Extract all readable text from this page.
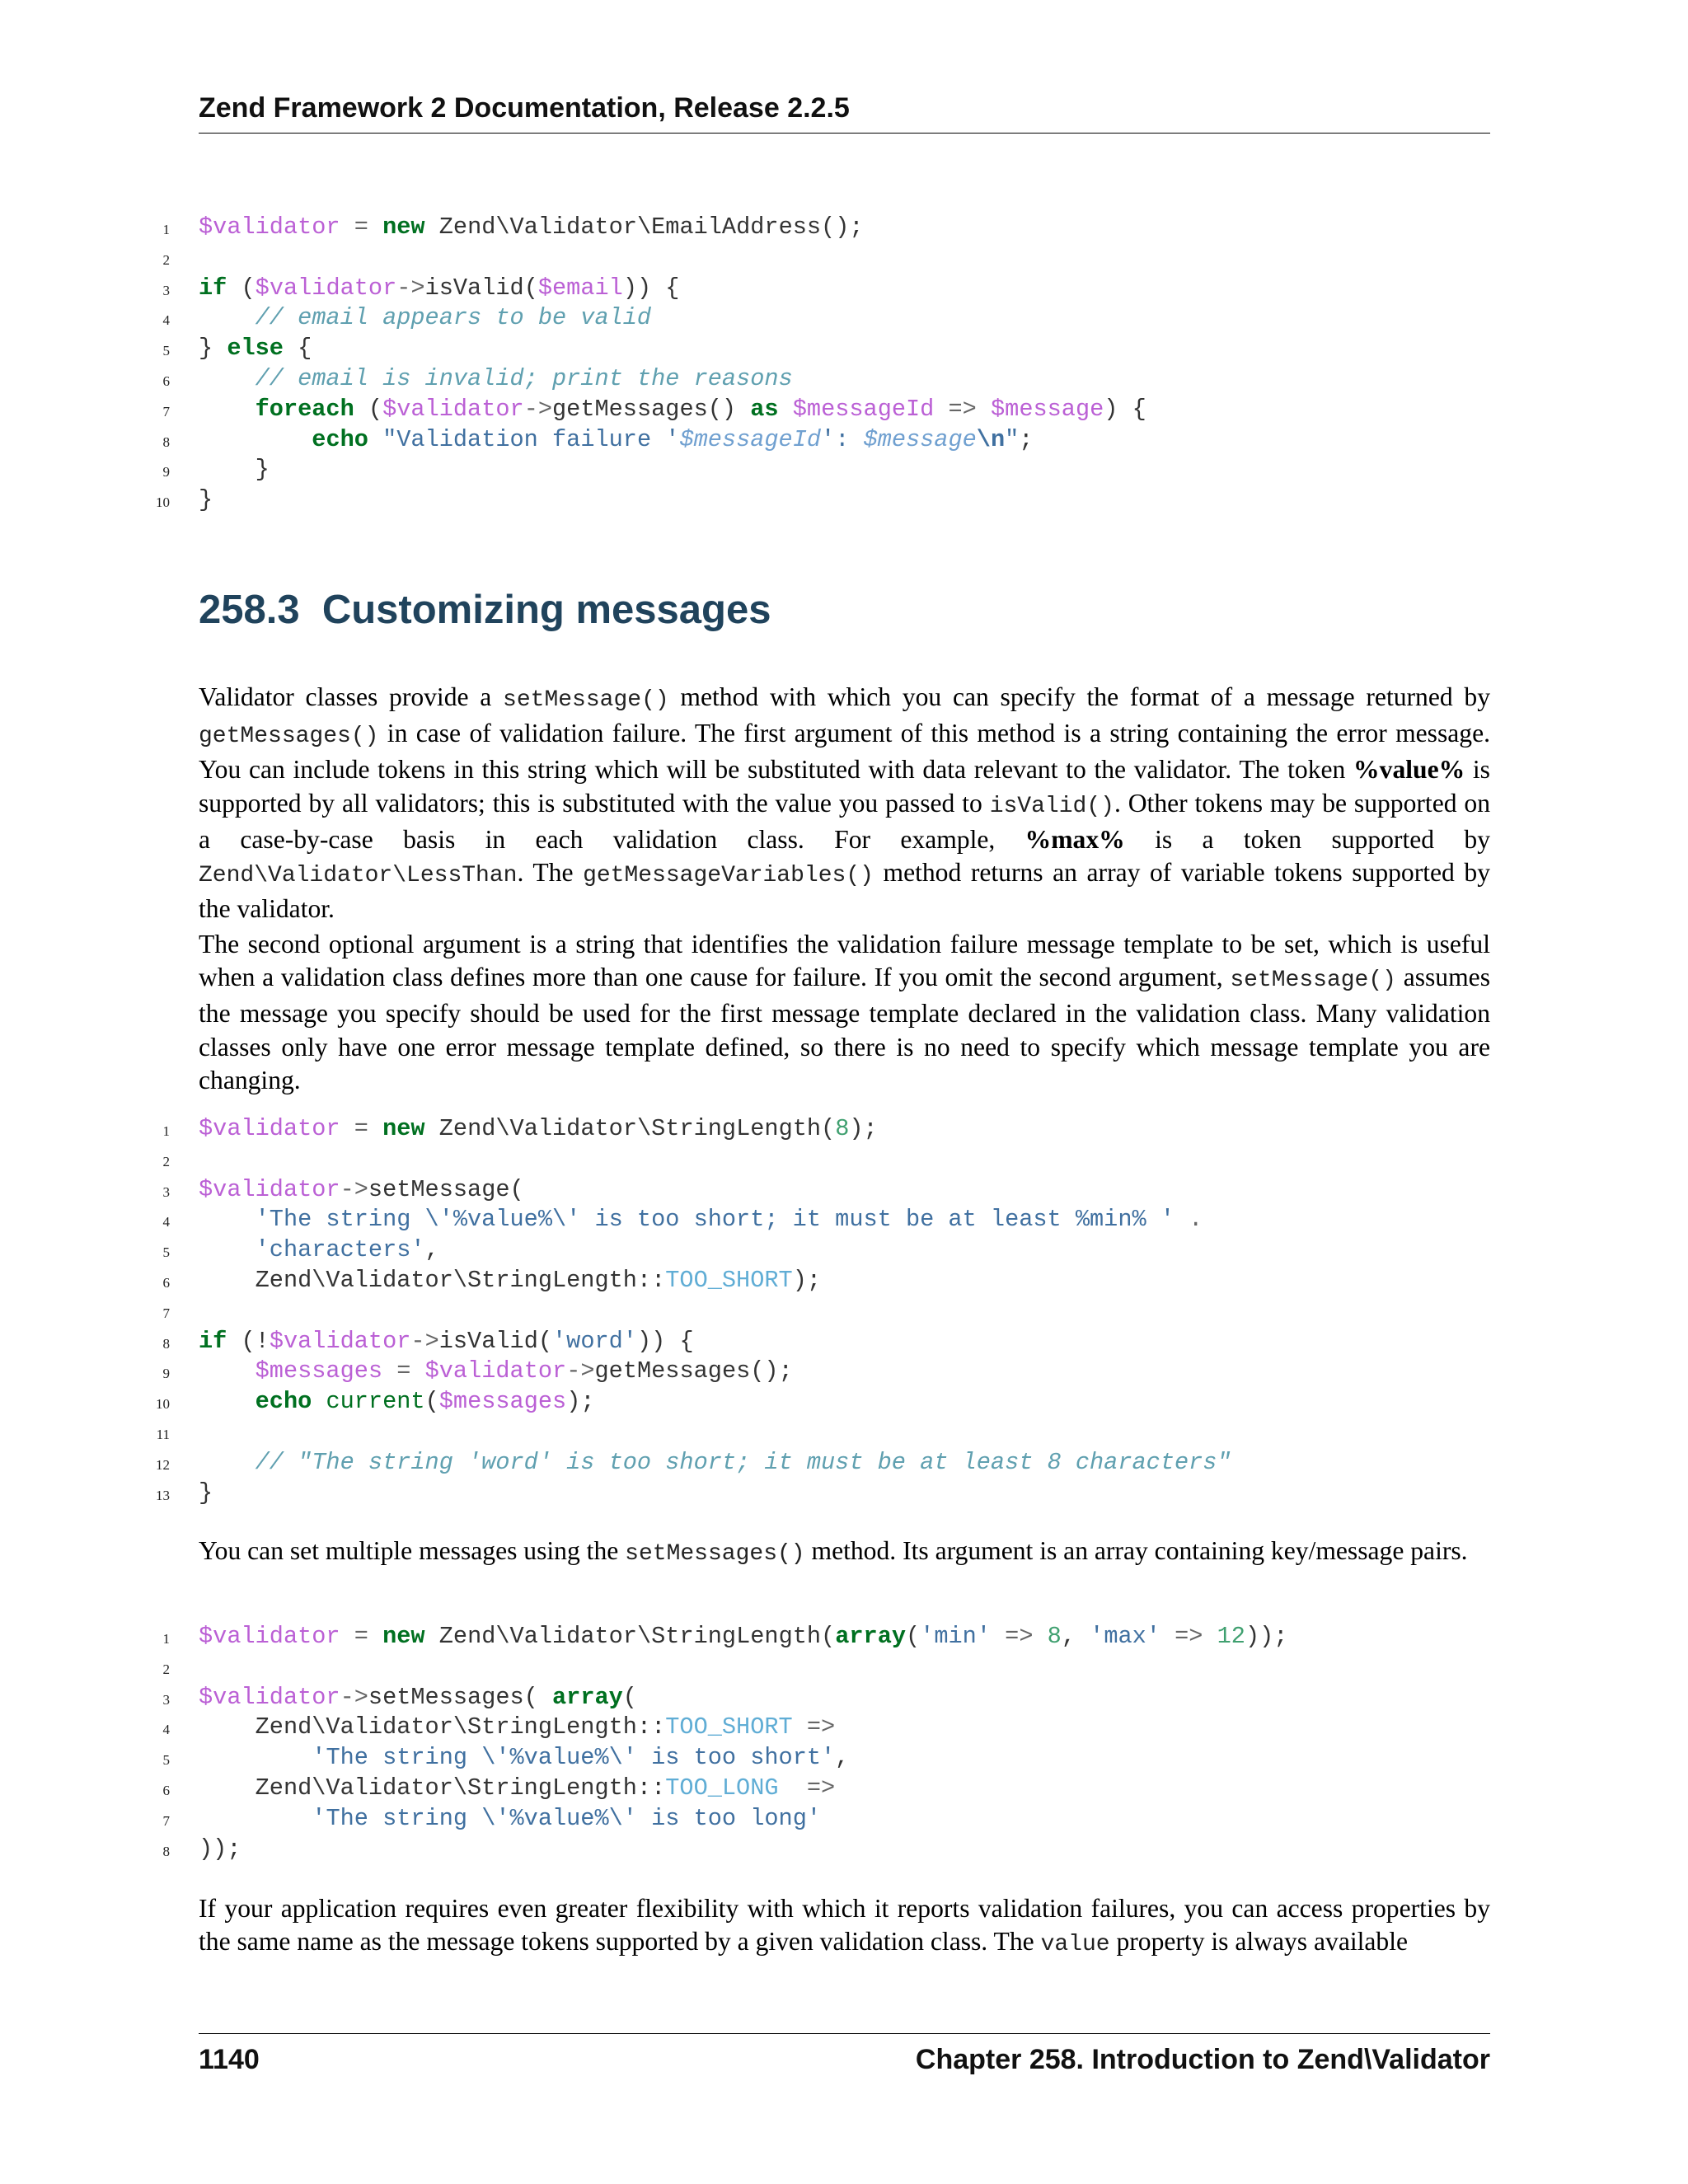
Zend Framework 2 Documentation, Release 2.2.5
1 $validator = new Zend\Validator\EmailAddress();
2
3 if ($validator->isValid($email)) {
4 // email appears to be valid
5 } else {
6 // email is invalid; print the reasons
7	foreach ($validator->getMessages() as $messageId => $message) {
8	echo "Validation failure '$messageId': $message\n";
9 }
10 }
258.3 Customizing messages

Validator classes provide a setMessage() method with which you can specify the format of a message returned by getMessages() in case of validation failure. The first argument of this method is a string containing the error message. You can include tokens in this string which will be substituted with data relevant to the validator. The token %value% is supported by all validators; this is substituted with the value you passed to isValid(). Other tokens may be supported on a case-by-case basis in each validation class. For example, %max% is a token supported by Zend\Validator\LessThan. The getMessageVariables() method returns an array of variable tokens supported by the validator.

The second optional argument is a string that identifies the validation failure message template to be set, which is useful when a validation class defines more than one cause for failure. If you omit the second argument, setMessage() assumes the message you specify should be used for the first message template declared in the validation class. Many validation classes only have one error message template defined, so there is no need to specify which message template you are changing.

1 $validator = new Zend\Validator\StringLength(8);
2
3 $validator->setMessage(
4	'The string \'%value%\' is too short; it must be at least %min% ' .
5	'characters',
6 Zend\Validator\StringLength::TOO_SHORT);
7
8 if (!$validator->isValid('word')) {
9	$messages = $validator->getMessages();
10	echo current($messages);
11
12 // "The string 'word' is too short; it must be at least 8 characters"
13 }

You can set multiple messages using the setMessages() method. Its argument is an array containing key/message pairs.

1 $validator = new Zend\Validator\StringLength(array('min' => 8, 'max' => 12));
2
3 $validator->setMessages( array(
4 Zend\Validator\StringLength::TOO_SHORT =>
5	'The string \'%value%\' is too short',
6 Zend\Validator\StringLength::TOO_LONG =>
7	'The string \'%value%\' is too long'
8 ));

If your application requires even greater flexibility with which it reports validation failures, you can access properties by the same name as the message tokens supported by a given validation class. The value property is always available

1140	Chapter 258. Introduction to Zend\Validator
